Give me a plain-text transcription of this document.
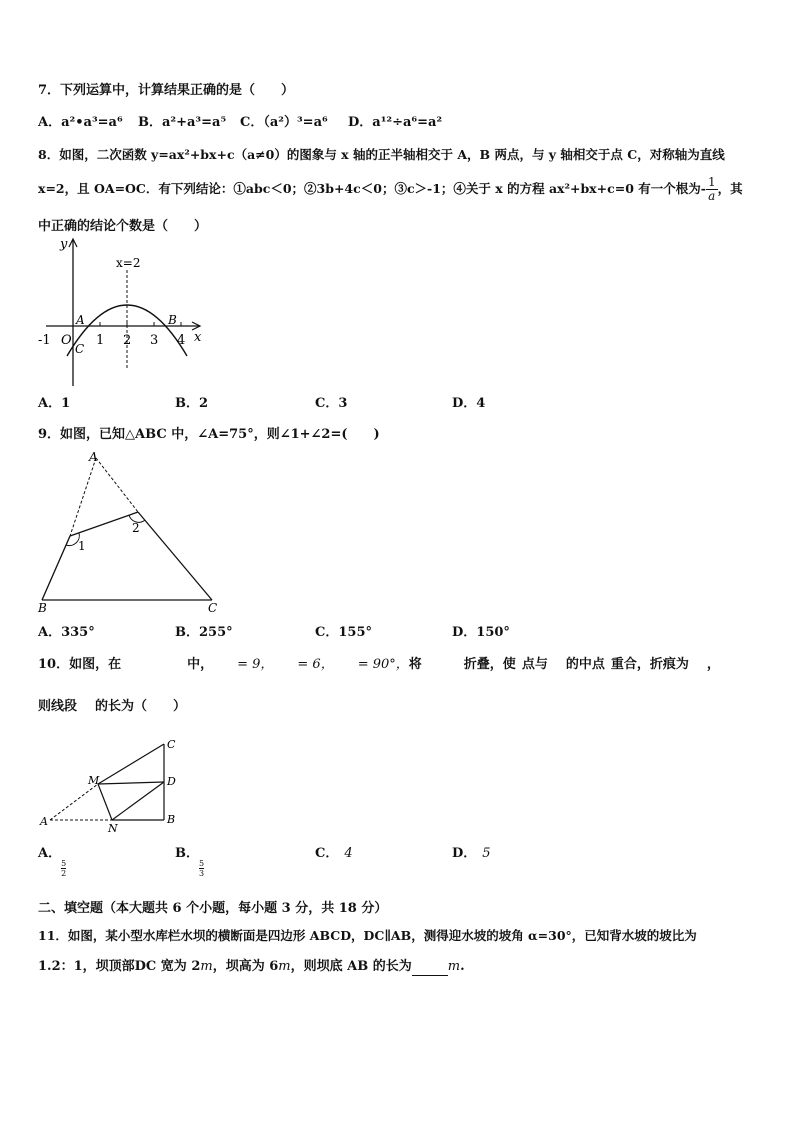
7．下列运算中，计算结果正确的是（　　）
A．a²•a³=a⁶ B．a²+a³=a⁵ C．（a²）³=a⁶ D．a¹²÷a⁶=a²
8．如图，二次函数 y=ax²+bx+c（a≠0）的图象与 x 轴的正半轴相交于 A，B 两点，与 y 轴相交于点 C，对称轴为直线
x=2，且 OA=OC．有下列结论：①abc＜0；②3b+4c＜0；③c＞-1；④关于 x 的方程 ax²+bx+c=0 有一个根为- $\frac{1}{a}$ ，其
中正确的结论个数是（　　）
y
x
x=2
-1 O 1 2 3 4
A	B
C
A．1	B．2	C．3	D．4
9．如图，已知△ABC 中，∠A=75°，则∠1+∠2=(　　)
A
B	C
1
2
A．335°	B．255°	C．155°	D．150°
10．如图，在	中， = 9， = 6， = 90°，将	折叠，使 点与 的中点 重合，折痕为 ，
则线段 的长为（　　）
A	B
C
D
M
N
A．
$\frac{5}{2}$
B．
$\frac{5}{3}$
C． 4	D． 5
二、填空题（本大题共 6 个小题，每小题 3 分，共 18 分）
11．如图，某小型水库栏水坝的横断面是四边形 ABCD，DC∥AB，测得迎水坡的坡角 α=30°，已知背水坡的坡比为
1.2：1，坝顶部DC 宽为 2m，坝高为 6m，则坝底 AB 的长为	m.
